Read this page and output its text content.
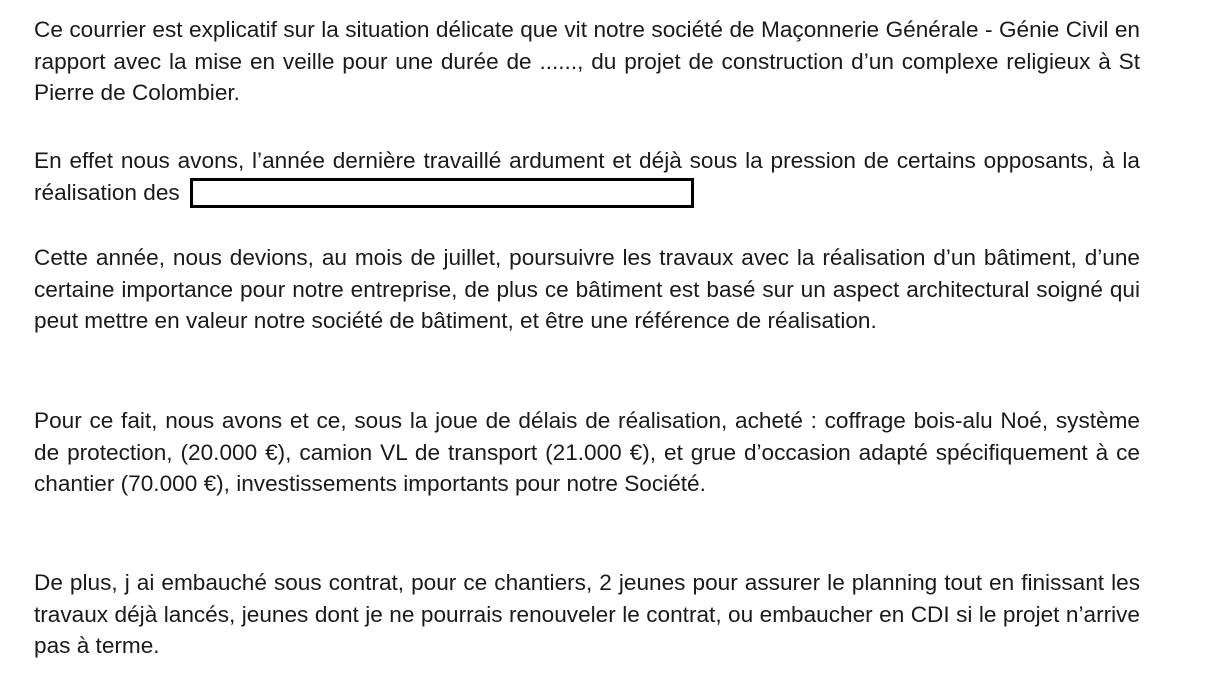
Ce courrier est explicatif sur la situation délicate que vit notre société de Maçonnerie Générale - Génie Civil en rapport avec la mise en veille pour une durée de ......, du projet de construction d’un complexe religieux à St Pierre de Colombier.

En effet nous avons, l’année dernière travaillé ardument et déjà sous la pression de certains opposants, à la réalisation des

Cette année, nous devions, au mois de juillet, poursuivre les travaux avec la réalisation d’un bâtiment, d’une certaine importance pour notre entreprise, de plus ce bâtiment est basé sur un aspect architectural soigné qui peut mettre en valeur notre société de bâtiment, et être une référence de réalisation.

Pour ce fait, nous avons et ce, sous la joue de délais de réalisation, acheté : coffrage bois-alu Noé, système de protection, (20.000 €), camion VL de transport (21.000 €), et grue d’occasion adapté spécifiquement à ce chantier (70.000 €), investissements importants pour notre Société.

De plus, j ai embauché sous contrat, pour ce chantiers, 2 jeunes pour assurer le planning tout en finissant les travaux déjà lancés, jeunes dont je ne pourrais renouveler le contrat, ou embaucher en CDI si le projet n’arrive pas à terme.
